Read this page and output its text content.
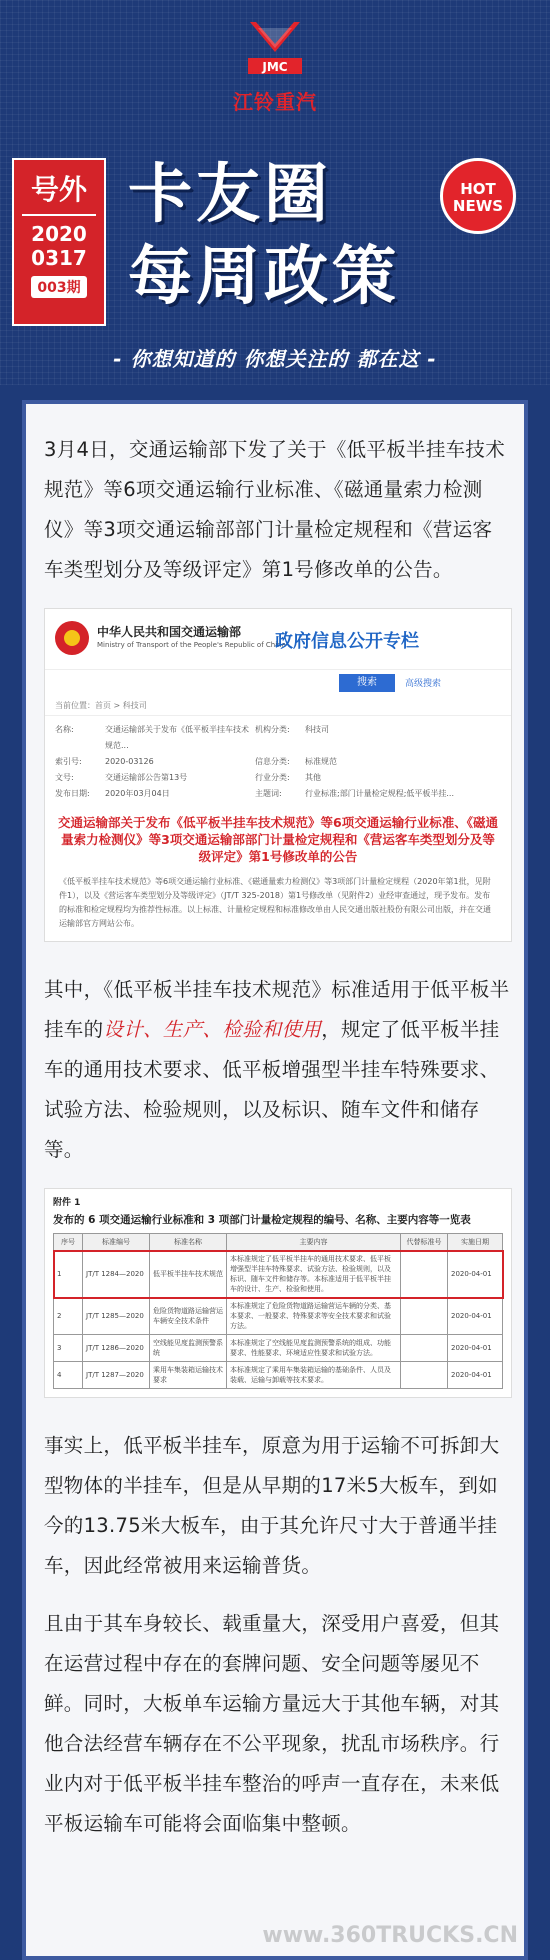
JMC
江铃重汽
号外
2020
0317
003期
卡友圈
每周政策
HOT
NEWS
- 你想知道的 你想关注的 都在这 -

3月4日，交通运输部下发了关于《低平板半挂车技术规范》等6项交通运输行业标准、《磁通量索力检测仪》等3项交通运输部部门计量检定规程和《营运客车类型划分及等级评定》第1号修改单的公告。

中华人民共和国交通运输部
Ministry of Transport of the People's Republic of China
政府信息公开专栏
搜索	高级搜索
当前位置：首页 > 科技司
名称:	交通运输部关于发布《低平板半挂车技术规范...
机构分类:	科技司
索引号:	2020-03126	信息分类:	标准规范
文号:	交通运输部公告第13号	行业分类:	其他
发布日期:	2020年03月04日	主题词:	行业标准;部门计量检定规程;低平板半挂...
交通运输部关于发布《低平板半挂车技术规范》等6项交通运输行业标准、《磁通量索力检测仪》等3项交通运输部部门计量检定规程和《营运客车类型划分及等级评定》第1号修改单的公告
《低平板半挂车技术规范》等6项交通运输行业标准、《磁通量索力检测仪》等3项部门计量检定规程（2020年第1批，见附件1），以及《营运客车类型划分及等级评定》（JT/T 325-2018）第1号修改单（见附件2）业经审查通过，现予发布。发布的标准和检定规程均为推荐性标准。以上标准、计量检定规程和标准修改单由人民交通出版社股份有限公司出版，并在交通运输部官方网站公布。

其中，《低平板半挂车技术规范》标准适用于低平板半挂车的设计、生产、检验和使用，规定了低平板半挂车的通用技术要求、低平板增强型半挂车特殊要求、试验方法、检验规则，以及标识、随车文件和储存等。

附件 1
发布的 6 项交通运输行业标准和 3 项部门计量检定规程的编号、名称、主要内容等一览表
序号	标准编号	标准名称	主要内容	代替标准号	实施日期
1	JT/T 1284—2020	低平板半挂车技术规范	本标准规定了低平板半挂车的通用技术要求、低平板增强型半挂车特殊要求、试验方法、检验规则，以及标识、随车文件和储存等。本标准适用于低平板半挂车的设计、生产、检验和使用。		2020-04-01
2	JT/T 1285—2020	危险货物道路运输营运车辆安全技术条件	本标准规定了危险货物道路运输营运车辆的分类、基本要求、一般要求、特殊要求等安全技术要求和试验方法。		2020-04-01
3	JT/T 1286—2020	空线能见度监测预警系统	本标准规定了空线能见度监测预警系统的组成、功能要求、性能要求、环境适应性要求和试验方法。		2020-04-01
4	JT/T 1287—2020	乘用车集装箱运输技术要求	本标准规定了乘用车集装箱运输的基础条件、人员及装载、运输与卸载等技术要求。		2020-04-01

事实上，低平板半挂车，原意为用于运输不可拆卸大型物体的半挂车，但是从早期的17米5大板车，到如今的13.75米大板车，由于其允许尺寸大于普通半挂车，因此经常被用来运输普货。

且由于其车身较长、载重量大，深受用户喜爱，但其在运营过程中存在的套牌问题、安全问题等屡见不鲜。同时，大板单车运输方量远大于其他车辆，对其他合法经营车辆存在不公平现象，扰乱市场秩序。行业内对于低平板半挂车整治的呼声一直存在，未来低平板运输车可能将会面临集中整顿。

www.360TRUCKS.CN
